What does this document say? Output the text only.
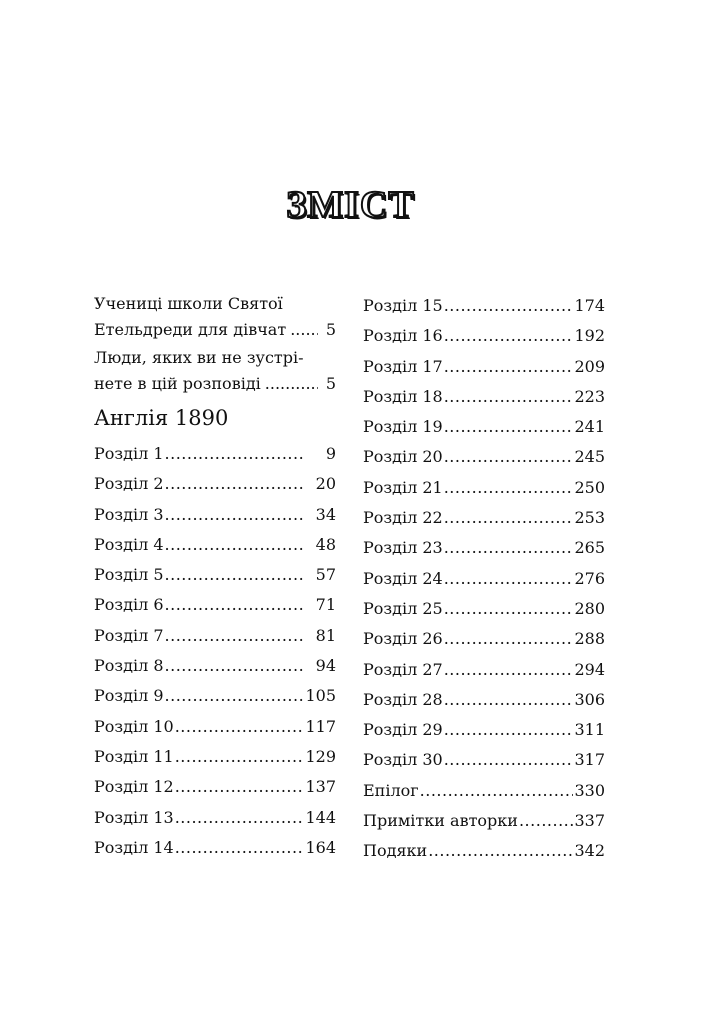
ЗМІСТ
Учениці школи Святої
Етельдреди для дівчат ..... 5
Люди, яких ви не зустрі-
нете в цій розповіді .....	5
Англія 1890
Розділ 1 .....	9
Розділ 2 .....	20
Розділ 3 .....	34
Розділ 4 .....	48
Розділ 5 .....	57
Розділ 6 .....	71
Розділ 7 .....	81
Розділ 8 .....	94
Розділ 9 .....	105
Розділ 10 .....	117
Розділ 11 .....	129
Розділ 12 .....	137
Розділ 13 .....	144
Розділ 14 .....	164
Розділ 15 .....	174
Розділ 16 .....	192
Розділ 17 .....	209
Розділ 18 .....	223
Розділ 19 .....	241
Розділ 20 .....	245
Розділ 21 .....	250
Розділ 22 .....	253
Розділ 23 .....	265
Розділ 24 .....	276
Розділ 25 .....	280
Розділ 26 .....	288
Розділ 27 .....	294
Розділ 28 .....	306
Розділ 29 .....	311
Розділ 30 .....	317
Епілог .....	330
Примітки авторки .....	337
Подяки .....	342
